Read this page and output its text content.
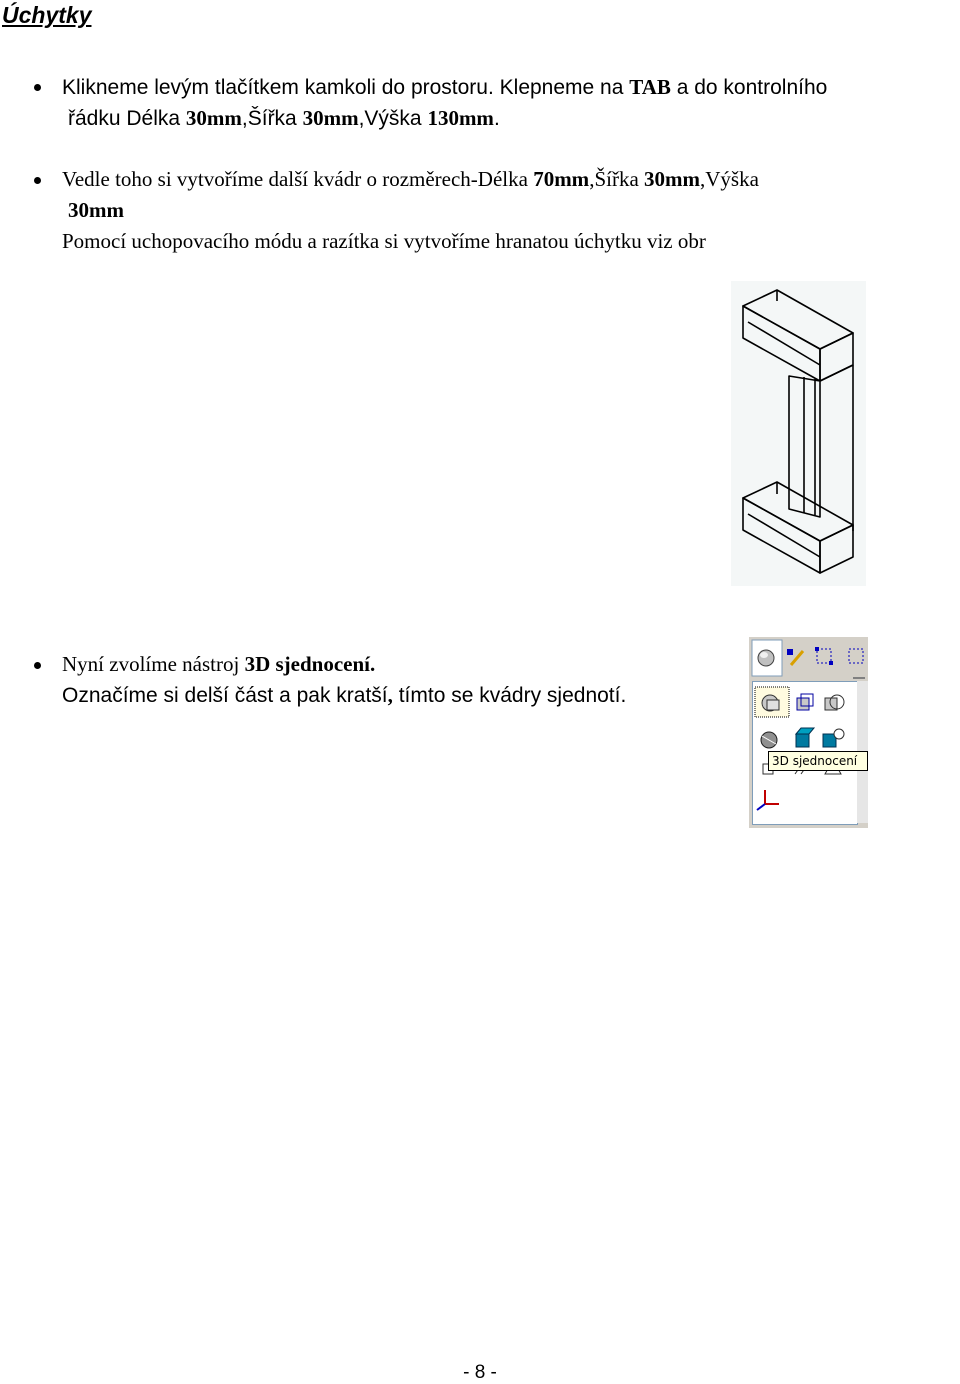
Úchytky
Klikneme levým tlačítkem kamkoli do prostoru. Klepneme na TAB a do kontrolního
řádku Délka 30mm,Šířka 30mm,Výška 130mm.
Vedle toho si vytvoříme další kvádr o rozměrech-Délka 70mm,Šířka 30mm,Výška
30mm
Pomocí uchopovacího módu a razítka si vytvoříme hranatou úchytku viz obr
Nyní zvolíme nástroj 3D sjednocení.
Označíme si delší část a pak kratší, tímto se kvádry sjednotí.
3D sjednocení
- 8 -
